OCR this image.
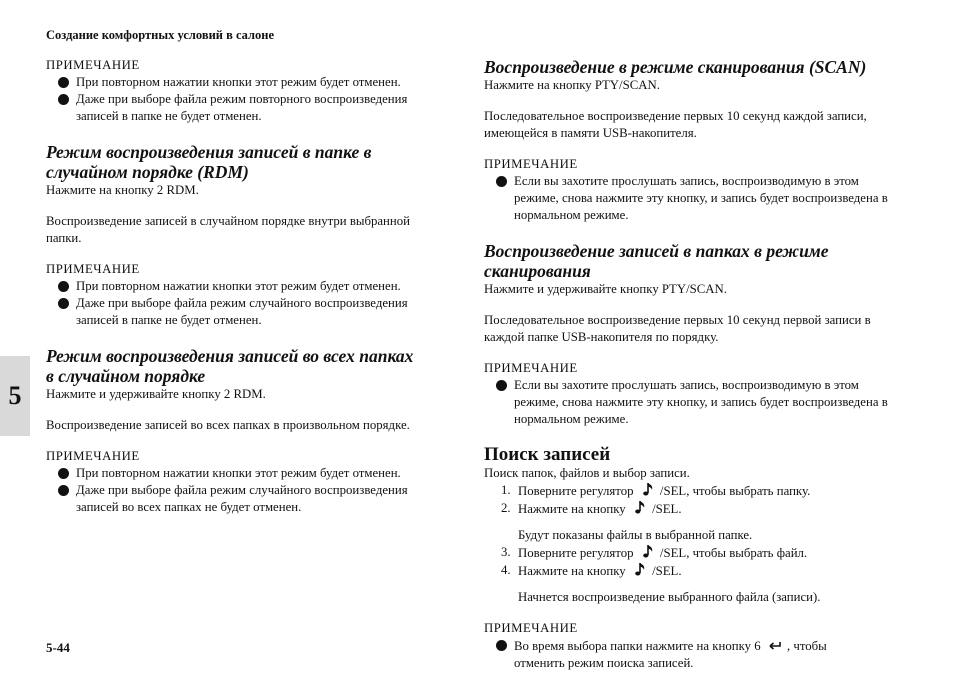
Создание комфортных условий в салоне
5
5-44
ПРИМЕЧАНИЕ
При повторном нажатии кнопки этот режим будет отменен.
Даже при выборе файла режим повторного воспроизведения записей в папке не будет отменен.
Режим воспроизведения записей в папке в случайном порядке (RDM)

Нажмите на кнопку 2 RDM.

Воспроизведение записей в случайном порядке внутри выбранной папки.

ПРИМЕЧАНИЕ
При повторном нажатии кнопки этот режим будет отменен.
Даже при выборе файла режим случайного воспроизведения записей в папке не будет отменен.
Режим воспроизведения записей во всех папках
в случайном порядке

Нажмите и удерживайте кнопку 2 RDM.

Воспроизведение записей во всех папках в произвольном порядке.

ПРИМЕЧАНИЕ
При повторном нажатии кнопки этот режим будет отменен.
Даже при выборе файла режим случайного воспроизведения записей во всех папках не будет отменен.
Воспроизведение в режиме сканирования (SCAN)

Нажмите на кнопку PTY/SCAN.

Последовательное воспроизведение первых 10 секунд каждой записи, имеющейся в памяти USB-накопителя.

ПРИМЕЧАНИЕ
Если вы захотите прослушать запись, воспроизводимую в этом режиме, снова нажмите эту кнопку, и запись будет воспроизведена в нормальном режиме.
Воспроизведение записей в папках в режиме
сканирования

Нажмите и удерживайте кнопку PTY/SCAN.

Последовательное воспроизведение первых 10 секунд первой записи в каждой папке USB-накопителя по порядку.

ПРИМЕЧАНИЕ
Если вы захотите прослушать запись, воспроизводимую в этом режиме, снова нажмите эту кнопку, и запись будет воспроизведена в нормальном режиме.
Поиск записей

Поиск папок, файлов и выбор записи.

1. Поверните регулятор /SEL, чтобы выбрать папку.
2. Нажмите на кнопку /SEL.
Будут показаны файлы в выбранной папке.
3. Поверните регулятор /SEL, чтобы выбрать файл.
4. Нажмите на кнопку /SEL.
Начнется воспроизведение выбранного файла (записи).
ПРИМЕЧАНИЕ
Во время выбора папки нажмите на кнопку 6 , чтобы
отменить режим поиска записей.
